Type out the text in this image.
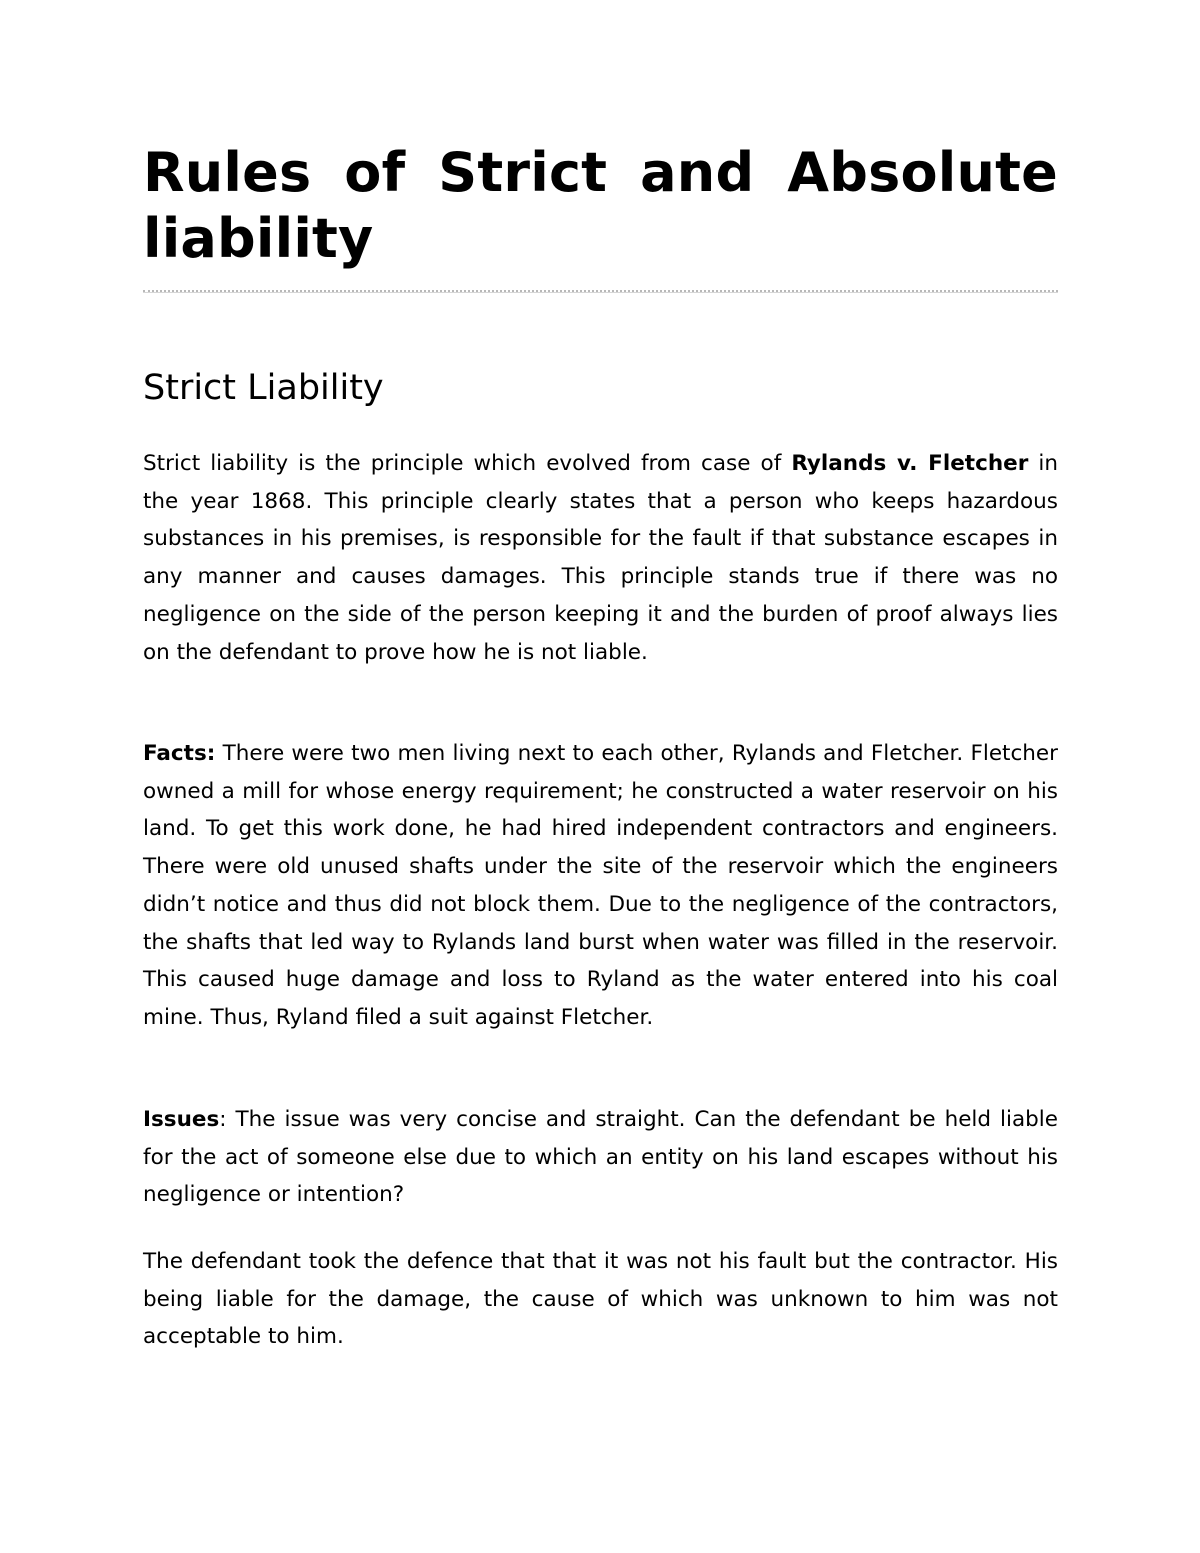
Rules of Strict and Absolute liability
Strict Liability

Strict liability is the principle which evolved from case of Rylands v. Fletcher in the year 1868. This principle clearly states that a person who keeps hazardous substances in his premises, is responsible for the fault if that substance escapes in any manner and causes damages. This principle stands true if there was no negligence on the side of the person keeping it and the burden of proof always lies on the defendant to prove how he is not liable.

Facts: There were two men living next to each other, Rylands and Fletcher. Fletcher owned a mill for whose energy requirement; he constructed a water reservoir on his land. To get this work done, he had hired independent contractors and engineers. There were old unused shafts under the site of the reservoir which the engineers didn’t notice and thus did not block them. Due to the negligence of the contractors, the shafts that led way to Rylands land burst when water was filled in the reservoir. This caused huge damage and loss to Ryland as the water entered into his coal mine. Thus, Ryland filed a suit against Fletcher.

Issues: The issue was very concise and straight. Can the defendant be held liable for the act of someone else due to which an entity on his land escapes without his negligence or intention?

The defendant took the defence that that it was not his fault but the contractor. His being liable for the damage, the cause of which was unknown to him was not acceptable to him.
